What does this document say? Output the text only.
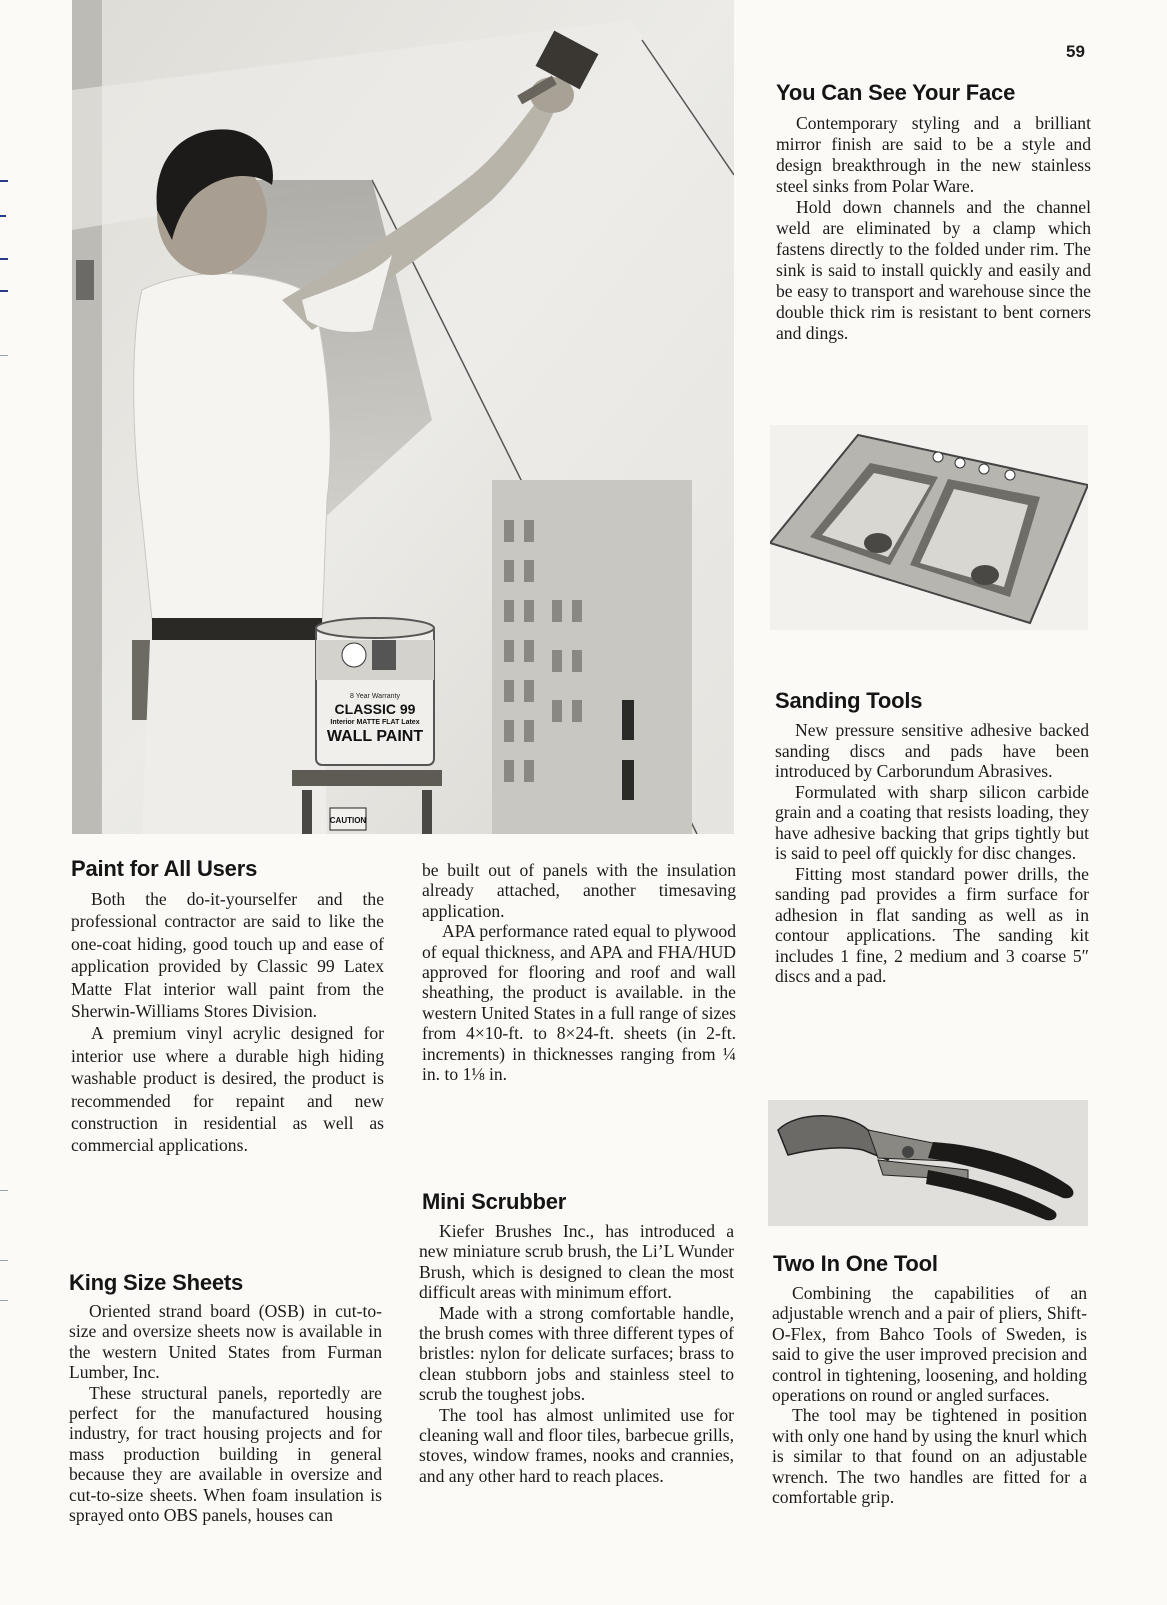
59
8 Year Warranty
CLASSIC 99
Interior MATTE FLAT Latex
WALL PAINT
CAUTION
You Can See Your Face

Contemporary styling and a brilliant mirror finish are said to be a style and design breakthrough in the new stainless steel sinks from Polar Ware.

Hold down channels and the channel weld are eliminated by a clamp which fastens directly to the folded under rim. The sink is said to install quickly and easily and be easy to transport and warehouse since the double thick rim is resistant to bent corners and dings.

Sanding Tools

New pressure sensitive adhesive backed sanding discs and pads have been introduced by Carborundum Abrasives.

Formulated with sharp silicon carbide grain and a coating that resists loading, they have adhesive backing that grips tightly but is said to peel off quickly for disc changes.

Fitting most standard power drills, the sanding pad provides a firm surface for adhesion in flat sanding as well as in contour applications. The sanding kit includes 1 fine, 2 medium and 3 coarse 5″ discs and a pad.

Paint for All Users

Both the do-it-yourselfer and the professional contractor are said to like the one-coat hiding, good touch up and ease of application provided by Classic 99 Latex Matte Flat interior wall paint from the Sherwin-Williams Stores Division.

A premium vinyl acrylic designed for interior use where a durable high hiding washable product is desired, the product is recommended for repaint and new construction in residential as well as commercial applications.

King Size Sheets

Oriented strand board (OSB) in cut-to-size and oversize sheets now is available in the western United States from Furman Lumber, Inc.

These structural panels, reportedly are perfect for the manufactured housing industry, for tract housing projects and for mass production building in general because they are available in oversize and cut-to-size sheets. When foam insulation is sprayed onto OBS panels, houses can

be built out of panels with the insulation already attached, another timesaving application.

APA performance rated equal to plywood of equal thickness, and APA and FHA/HUD approved for flooring and roof and wall sheathing, the product is available. in the western United States in a full range of sizes from 4×10-ft. to 8×24-ft. sheets (in 2-ft. increments) in thicknesses ranging from ¼ in. to 1⅛ in.

Mini Scrubber

Kiefer Brushes Inc., has introduced a new miniature scrub brush, the Li’L Wunder Brush, which is designed to clean the most difficult areas with minimum effort.

Made with a strong comfortable handle, the brush comes with three different types of bristles: nylon for delicate surfaces; brass to clean stubborn jobs and stainless steel to scrub the toughest jobs.

The tool has almost unlimited use for cleaning wall and floor tiles, barbecue grills, stoves, window frames, nooks and crannies, and any other hard to reach places.

Two In One Tool

Combining the capabilities of an adjustable wrench and a pair of pliers, Shift-O-Flex, from Bahco Tools of Sweden, is said to give the user improved precision and control in tightening, loosening, and holding operations on round or angled surfaces.

The tool may be tightened in position with only one hand by using the knurl which is similar to that found on an adjustable wrench. The two handles are fitted for a comfortable grip.
